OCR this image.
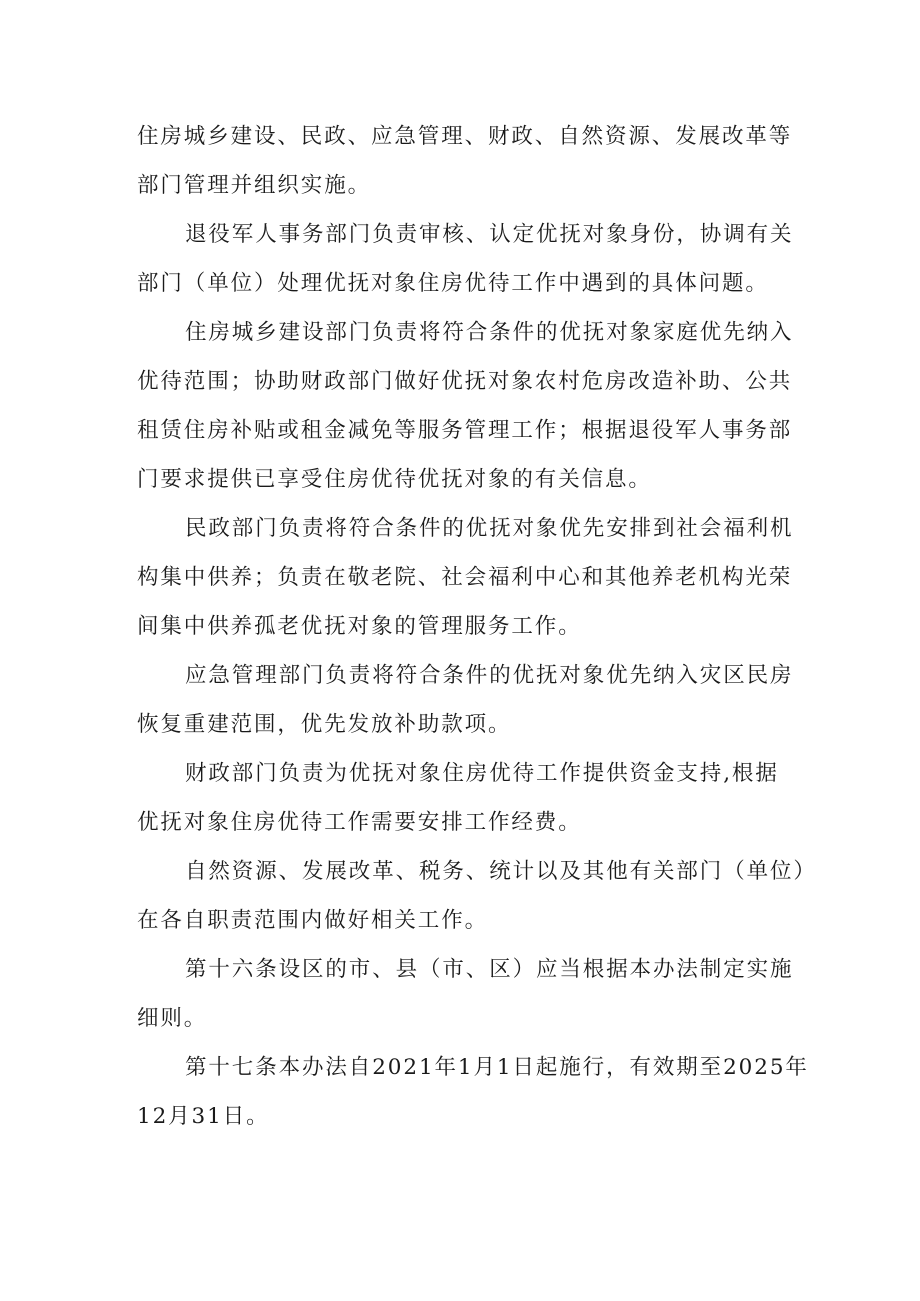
住房城乡建设、民政、应急管理、财政、自然资源、发展改革等
部门管理并组织实施。

退役军人事务部门负责审核、认定优抚对象身份，协调有关
部门（单位）处理优抚对象住房优待工作中遇到的具体问题。

住房城乡建设部门负责将符合条件的优抚对象家庭优先纳入
优待范围；协助财政部门做好优抚对象农村危房改造补助、公共
租赁住房补贴或租金减免等服务管理工作；根据退役军人事务部
门要求提供已享受住房优待优抚对象的有关信息。

民政部门负责将符合条件的优抚对象优先安排到社会福利机
构集中供养；负责在敬老院、社会福利中心和其他养老机构光荣
间集中供养孤老优抚对象的管理服务工作。

应急管理部门负责将符合条件的优抚对象优先纳入灾区民房
恢复重建范围，优先发放补助款项。

财政部门负责为优抚对象住房优待工作提供资金支持,根据
优抚对象住房优待工作需要安排工作经费。

自然资源、发展改革、税务、统计以及其他有关部门（单位）
在各自职责范围内做好相关工作。

第十六条设区的市、县（市、区）应当根据本办法制定实施
细则。

第十七条本办法自2021年1月1日起施行，有效期至2025年
12月31日。
